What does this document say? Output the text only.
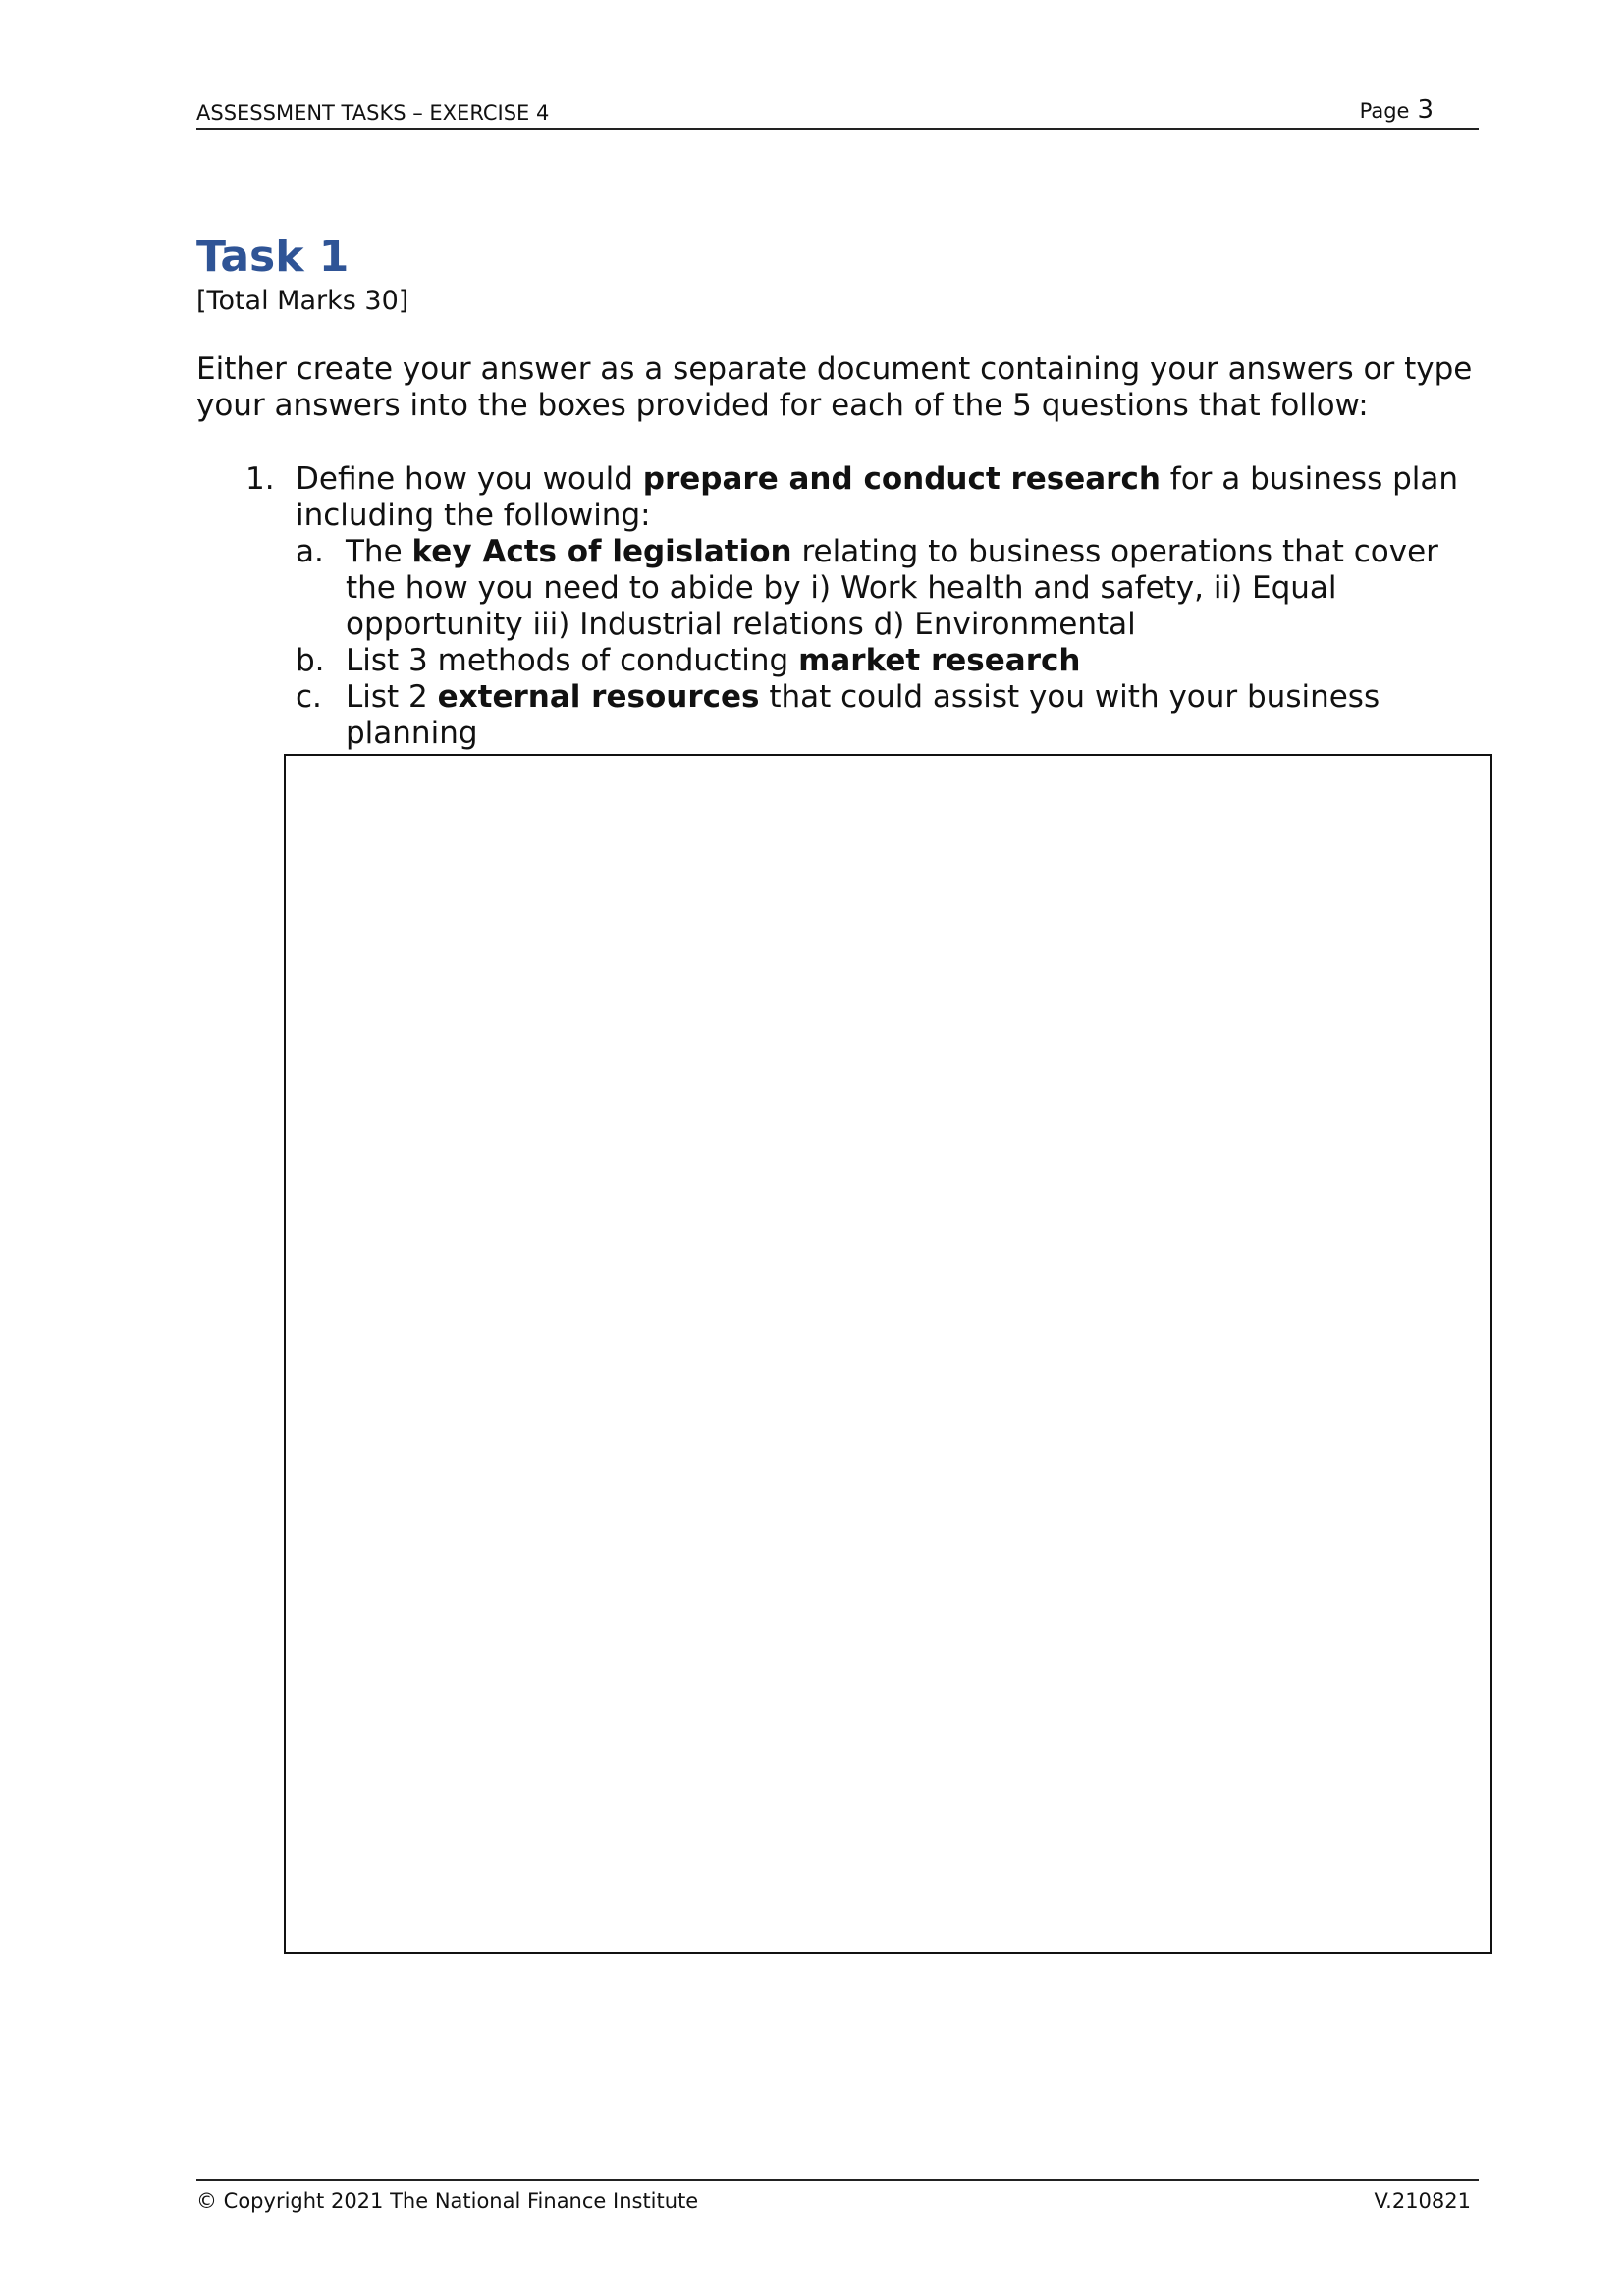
ASSESSMENT TASKS – EXERCISE 4	Page 3
Task 1
[Total Marks 30]

Either create your answer as a separate document containing your answers or type your answers into the boxes provided for each of the 5 questions that follow:

1. Define how you would prepare and conduct research for a business plan including the following:
a. The key Acts of legislation relating to business operations that cover the how you need to abide by i) Work health and safety, ii) Equal opportunity iii) Industrial relations d) Environmental
b. List 3 methods of conducting market research
c. List 2 external resources that could assist you with your business planning
© Copyright 2021 The National Finance Institute	V.210821
